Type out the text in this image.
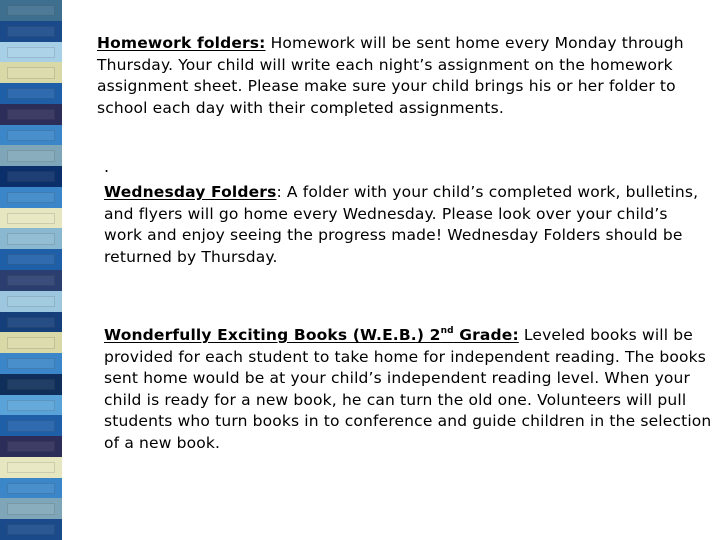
Homework folders: Homework will be sent home every Monday through Thursday. Your child will write each night’s assignment on the homework assignment sheet. Please make sure your child brings his or her folder to school each day with their completed assignments.
.
Wednesday Folders: A folder with your child’s completed work, bulletins, and flyers will go home every Wednesday. Please look over your child’s work and enjoy seeing the progress made! Wednesday Folders should be returned by Thursday.
Wonderfully Exciting Books (W.E.B.) 2nd Grade: Leveled books will be provided for each student to take home for independent reading. The books sent home would be at your child’s independent reading level. When your child is ready for a new book, he can turn the old one. Volunteers will pull students who turn books in to conference and guide children in the selection of a new book.
